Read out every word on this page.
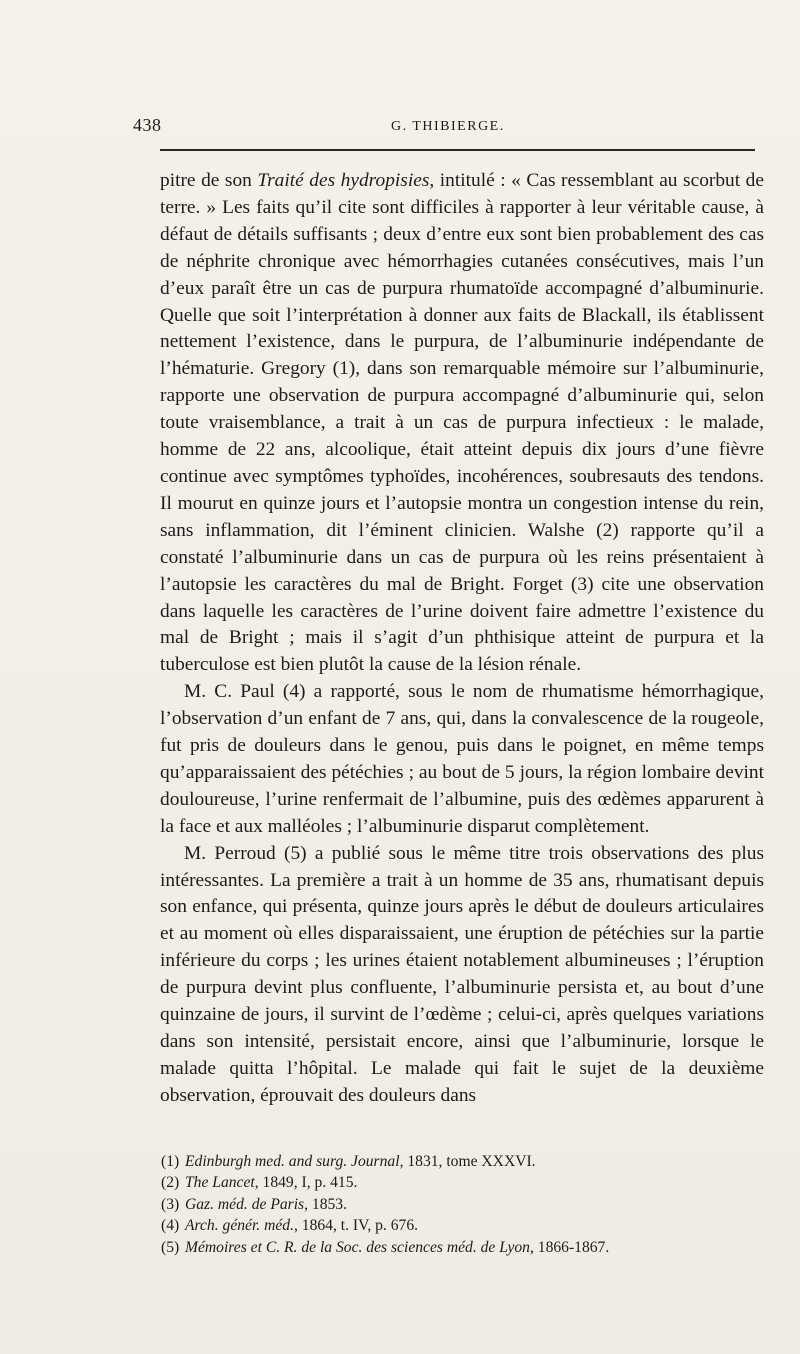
438	G. THIBIERGE.

pitre de son Traité des hydropisies, intitulé : « Cas ressemblant au scorbut de terre. » Les faits qu’il cite sont difficiles à rapporter à leur véritable cause, à défaut de détails suffisants ; deux d’entre eux sont bien probablement des cas de néphrite chronique avec hémorrhagies cutanées consécutives, mais l’un d’eux paraît être un cas de purpura rhumatoïde accompagné d’albuminurie. Quelle que soit l’interprétation à donner aux faits de Blackall, ils établissent nettement l’existence, dans le purpura, de l’albuminurie indépendante de l’hématurie. Gregory (1), dans son remarquable mémoire sur l’albuminurie, rapporte une observation de purpura accompagné d’albuminurie qui, selon toute vraisemblance, a trait à un cas de purpura infectieux : le malade, homme de 22 ans, alcoolique, était atteint depuis dix jours d’une fièvre continue avec symptômes typhoïdes, incohérences, soubresauts des tendons. Il mourut en quinze jours et l’autopsie montra un congestion intense du rein, sans inflammation, dit l’éminent clinicien. Walshe (2) rapporte qu’il a constaté l’albuminurie dans un cas de purpura où les reins présentaient à l’autopsie les caractères du mal de Bright. Forget (3) cite une observation dans laquelle les caractères de l’urine doivent faire admettre l’existence du mal de Bright ; mais il s’agit d’un phthisique atteint de purpura et la tuberculose est bien plutôt la cause de la lésion rénale.

M. C. Paul (4) a rapporté, sous le nom de rhumatisme hémorrhagique, l’observation d’un enfant de 7 ans, qui, dans la convalescence de la rougeole, fut pris de douleurs dans le genou, puis dans le poignet, en même temps qu’apparaissaient des pétéchies ; au bout de 5 jours, la région lombaire devint douloureuse, l’urine renfermait de l’albumine, puis des œdèmes apparurent à la face et aux malléoles ; l’albuminurie disparut complètement.

M. Perroud (5) a publié sous le même titre trois observations des plus intéressantes. La première a trait à un homme de 35 ans, rhumatisant depuis son enfance, qui présenta, quinze jours après le début de douleurs articulaires et au moment où elles disparaissaient, une éruption de pétéchies sur la partie inférieure du corps ; les urines étaient notablement albumineuses ; l’éruption de purpura devint plus confluente, l’albuminurie persista et, au bout d’une quinzaine de jours, il survint de l’œdème ; celui-ci, après quelques variations dans son intensité, persistait encore, ainsi que l’albuminurie, lorsque le malade quitta l’hôpital. Le malade qui fait le sujet de la deuxième observation, éprouvait des douleurs dans

(1) Edinburgh med. and surg. Journal, 1831, tome XXXVI.

(2) The Lancet, 1849, I, p. 415.

(3) Gaz. méd. de Paris, 1853.

(4) Arch. génér. méd., 1864, t. IV, p. 676.

(5) Mémoires et C. R. de la Soc. des sciences méd. de Lyon, 1866-1867.
